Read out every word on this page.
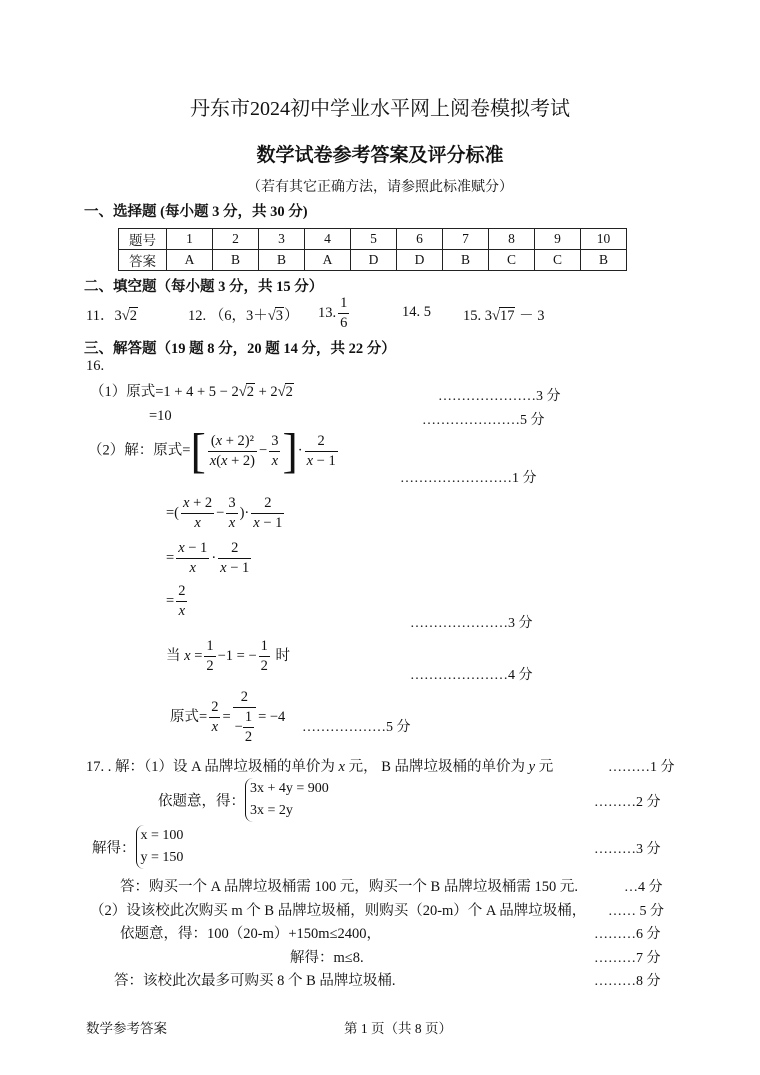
丹东市2024初中学业水平网上阅卷模拟考试
数学试卷参考答案及评分标准
（若有其它正确方法，请参照此标准赋分）
一、选择题 (每小题 3 分，共 30 分)
题号	1	2	3	4	5	6	7	8	9	10
答案	A	B	B	A	D	D	B	C	C	B
二、填空题（每小题 3 分，共 15 分）
11．3√2	12. （6，3＋√3） 13. $\frac{1}{6}$	14. 5 15. 3√17 － 3
三、解答题（19 题 8 分，20 题 14 分，共 22 分）
16.
（1）原式=1 + 4 + 5 − 2√2 + 2√2	…………………3 分
=10	…………………5 分
（2）解：原式=[ $\frac{\text{(x + 2)²}}{x(x + 2)} - \frac{3}{x}$ ]· $\frac{2}{x - 1}$
……………………1 分
=( $\frac{x + 2}{x} - \frac{3}{x}$ )· $\frac{2}{x - 1}$
= $\frac{x - 1}{x} \cdot \frac{2}{x - 1}$
= $\frac{2}{x}$
…………………3 分
当 $x = \frac{1}{2} -1$ = − $\frac{1}{2}$ 时
…………………4 分
原式= $\frac{2}{x} = \frac{2}{- \frac{1}{2}} = -4$
………………5 分
17. . 解：（1）设 A 品牌垃圾桶的单价为 x 元， B 品牌垃圾桶的单价为 y 元	………1 分
依题意，得：
3x + 4y = 900
3x = 2y
………2 分
解得：
x = 100
y = 150
………3 分
答：购买一个 A 品牌垃圾桶需 100 元，购买一个 B 品牌垃圾桶需 150 元.	…4 分
（2）设该校此次购买 m 个 B 品牌垃圾桶，则购买（20-m）个 A 品牌垃圾桶， …… 5 分
依题意，得：100（20-m）+150m≤2400，	………6 分
解得：m≤8.	………7 分
答：该校此次最多可购买 8 个 B 品牌垃圾桶.	………8 分
数学参考答案	第 1 页（共 8 页）
